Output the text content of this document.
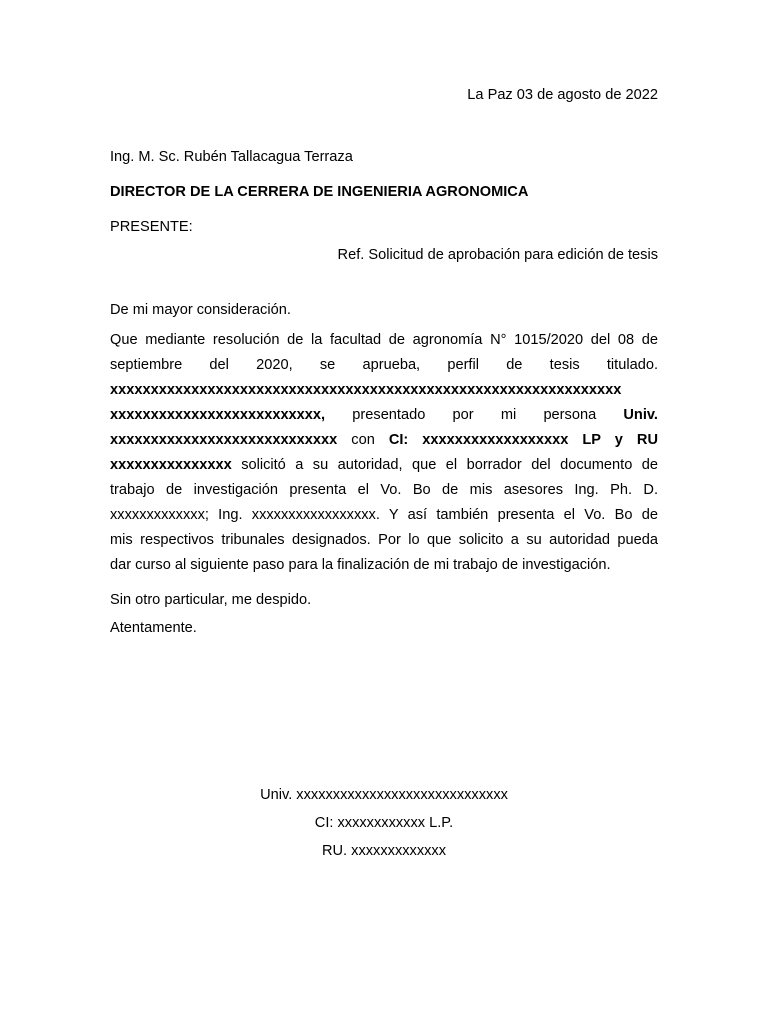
La Paz 03 de agosto de 2022
Ing. M. Sc. Rubén Tallacagua Terraza
DIRECTOR DE LA CERRERA DE INGENIERIA AGRONOMICA
PRESENTE:
Ref. Solicitud de aprobación para edición de tesis
De mi mayor consideración.
Que mediante resolución de la facultad de agronomía N° 1015/2020 del 08 de
septiembre del 2020, se aprueba, perfil de tesis titulado.
xxxxxxxxxxxxxxxxxxxxxxxxxxxxxxxxxxxxxxxxxxxxxxxxxxxxxxxxxxxxxxx
xxxxxxxxxxxxxxxxxxxxxxxxxx, presentado por mi persona Univ.
xxxxxxxxxxxxxxxxxxxxxxxxxxxx con CI: xxxxxxxxxxxxxxxxxx LP y RU
xxxxxxxxxxxxxxx solicitó a su autoridad, que el borrador del documento de
trabajo de investigación presenta el Vo. Bo de mis asesores Ing. Ph. D.
xxxxxxxxxxxxx; Ing. xxxxxxxxxxxxxxxxx. Y así también presenta el Vo. Bo de
mis respectivos tribunales designados. Por lo que solicito a su autoridad pueda
dar curso al siguiente paso para la finalización de mi trabajo de investigación.
Sin otro particular, me despido.
Atentamente.
Univ. xxxxxxxxxxxxxxxxxxxxxxxxxxxxx
CI: xxxxxxxxxxxx L.P.
RU. xxxxxxxxxxxxx
